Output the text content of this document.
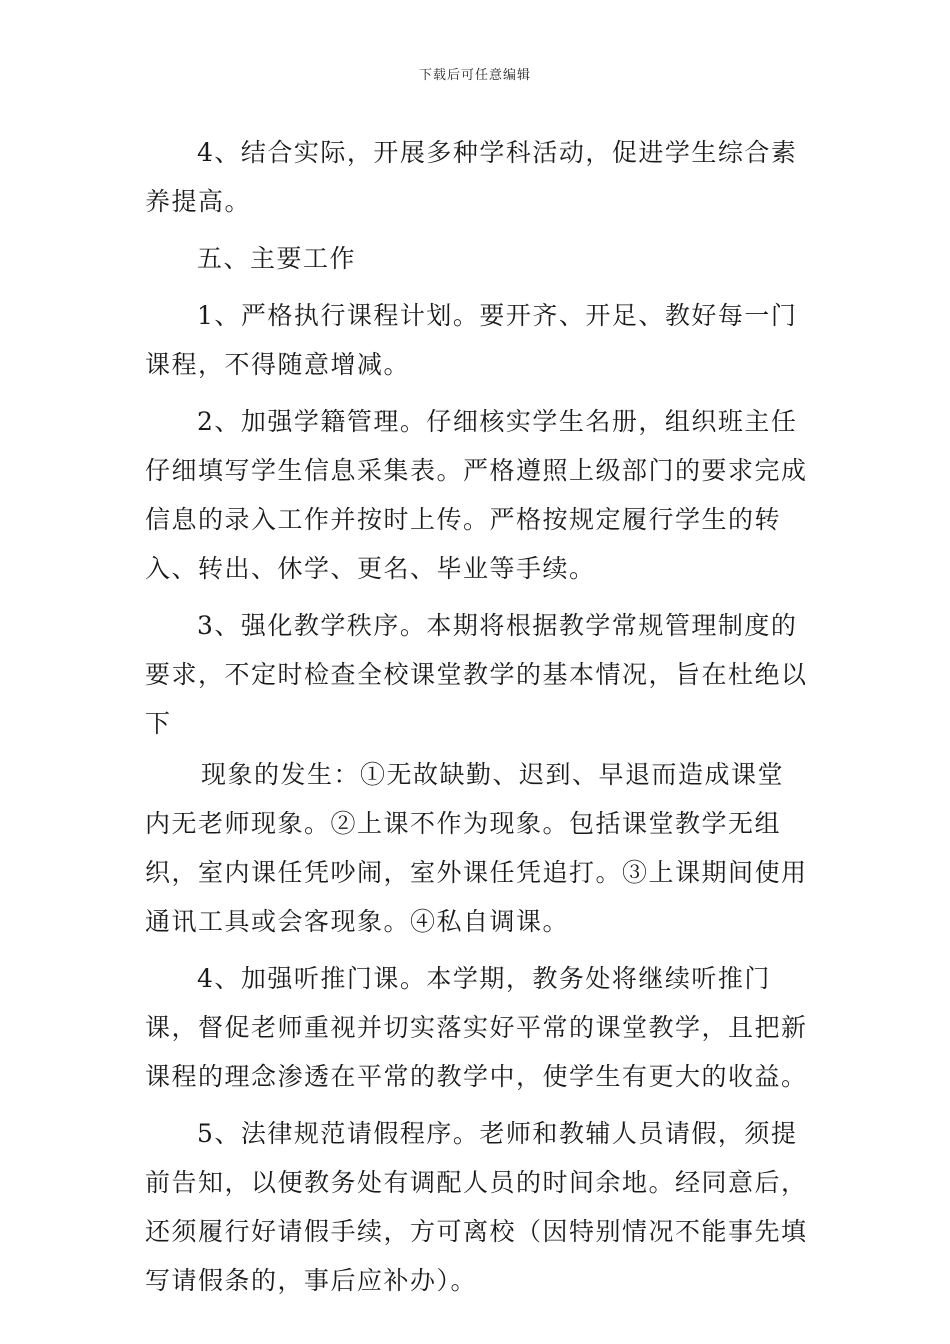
下载后可任意编辑

4、结合实际，开展多种学科活动，促进学生综合素养提高。

五、主要工作

1、严格执行课程计划。要开齐、开足、教好每一门课程，不得随意增减。

2、加强学籍管理。仔细核实学生名册，组织班主任仔细填写学生信息采集表。严格遵照上级部门的要求完成信息的录入工作并按时上传。严格按规定履行学生的转入、转出、休学、更名、毕业等手续。

3、强化教学秩序。本期将根据教学常规管理制度的要求，不定时检查全校课堂教学的基本情况，旨在杜绝以下

现象的发生：①无故缺勤、迟到、早退而造成课堂内无老师现象。②上课不作为现象。包括课堂教学无组织，室内课任凭吵闹，室外课任凭追打。③上课期间使用通讯工具或会客现象。④私自调课。

4、加强听推门课。本学期，教务处将继续听推门课，督促老师重视并切实落实好平常的课堂教学，且把新课程的理念渗透在平常的教学中，使学生有更大的收益。

5、法律规范请假程序。老师和教辅人员请假，须提前告知，以便教务处有调配人员的时间余地。经同意后，还须履行好请假手续，方可离校（因特别情况不能事先填写请假条的，事后应补办）。
